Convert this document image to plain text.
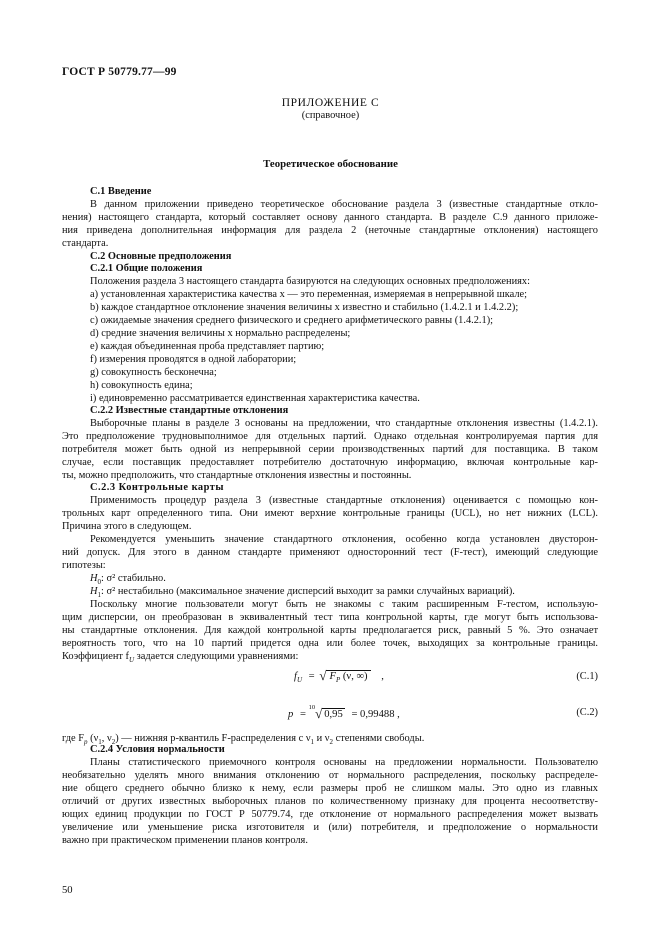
ГОСТ Р 50779.77—99
ПРИЛОЖЕНИЕ С
(справочное)
Теоретическое обоснование
С.1 Введение
В данном приложении приведено теоретическое обоснование раздела 3 (известные стандартные откло-
нения) настоящего стандарта, который составляет основу данного стандарта. В разделе С.9 данного приложе-
ния приведена дополнительная информация для раздела 2 (неточные стандартные отклонения) настоящего
стандарта.
С.2 Основные предположения
С.2.1 Общие положения
Положения раздела 3 настоящего стандарта базируются на следующих основных предположениях:
а) установленная характеристика качества x — это переменная, измеряемая в непрерывной шкале;
b) каждое стандартное отклонение значения величины x известно и стабильно (1.4.2.1 и 1.4.2.2);
с) ожидаемые значения среднего физического и среднего арифметического равны (1.4.2.1);
d) средние значения величины x нормально распределены;
е) каждая объединенная проба представляет партию;
f) измерения проводятся в одной лаборатории;
g) совокупность бесконечна;
h) совокупность едина;
i) единовременно рассматривается единственная характеристика качества.
С.2.2 Известные стандартные отклонения
Выборочные планы в разделе 3 основаны на предложении, что стандартные отклонения известны (1.4.2.1).
Это предположение трудновыполнимое для отдельных партий. Однако отдельная контролируемая партия для
потребителя может быть одной из непрерывной серии производственных партий для поставщика. В таком
случае, если поставщик предоставляет потребителю достаточную информацию, включая контрольные кар-
ты, можно предположить, что стандартные отклонения известны и постоянны.
С.2.3 Контрольные карты
Применимость процедур раздела 3 (известные стандартные отклонения) оценивается с помощью кон-
трольных карт определенного типа. Они имеют верхние контрольные границы (UCL), но нет нижних (LCL).
Причина этого в следующем.
Рекомендуется уменьшить значение стандартного отклонения, особенно когда установлен двусторон-
ний допуск. Для этого в данном стандарте применяют односторонний тест (F-тест), имеющий следующие
гипотезы:
$H_0$: σ² стабильно.
$H_1$: σ² нестабильно (максимальное значение дисперсий выходит за рамки случайных вариаций).
Поскольку многие пользователи могут быть не знакомы с таким расширенным F-тестом, использую-
щим дисперсии, он преобразован в эквивалентный тест типа контрольной карты, где могут быть использова-
ны стандартные отклонения. Для каждой контрольной карты предполагается риск, равный 5 %. Это означает
вероятность того, что на 10 партий придется одна или более точек, выходящих за контрольные границы.
Коэффициент $f_U$ задается следующими уравнениями:
$f_U$ = √ $F_P$ (ν, ∞) ,	(С.1)
p = $^{10}$√ 0,95 = 0,99488 ,	(С.2)
где $F_p$ ($\nu_1$, $\nu_2$) — нижняя p-квантиль F-распределения с $\nu_1$ и $\nu_2$ степенями свободы.
С.2.4 Условия нормальности
Планы статистического приемочного контроля основаны на предложении нормальности. Пользователю
необязательно уделять много внимания отклонению от нормального распределения, поскольку распределе-
ние общего среднего обычно близко к нему, если размеры проб не слишком малы. Это одно из главных
отличий от других известных выборочных планов по количественному признаку для процента несоответству-
ющих единиц продукции по ГОСТ Р 50779.74, где отклонение от нормального распределения может вызвать
увеличение или уменьшение риска изготовителя и (или) потребителя, и предположение о нормальности
важно при практическом применении планов контроля.
50
